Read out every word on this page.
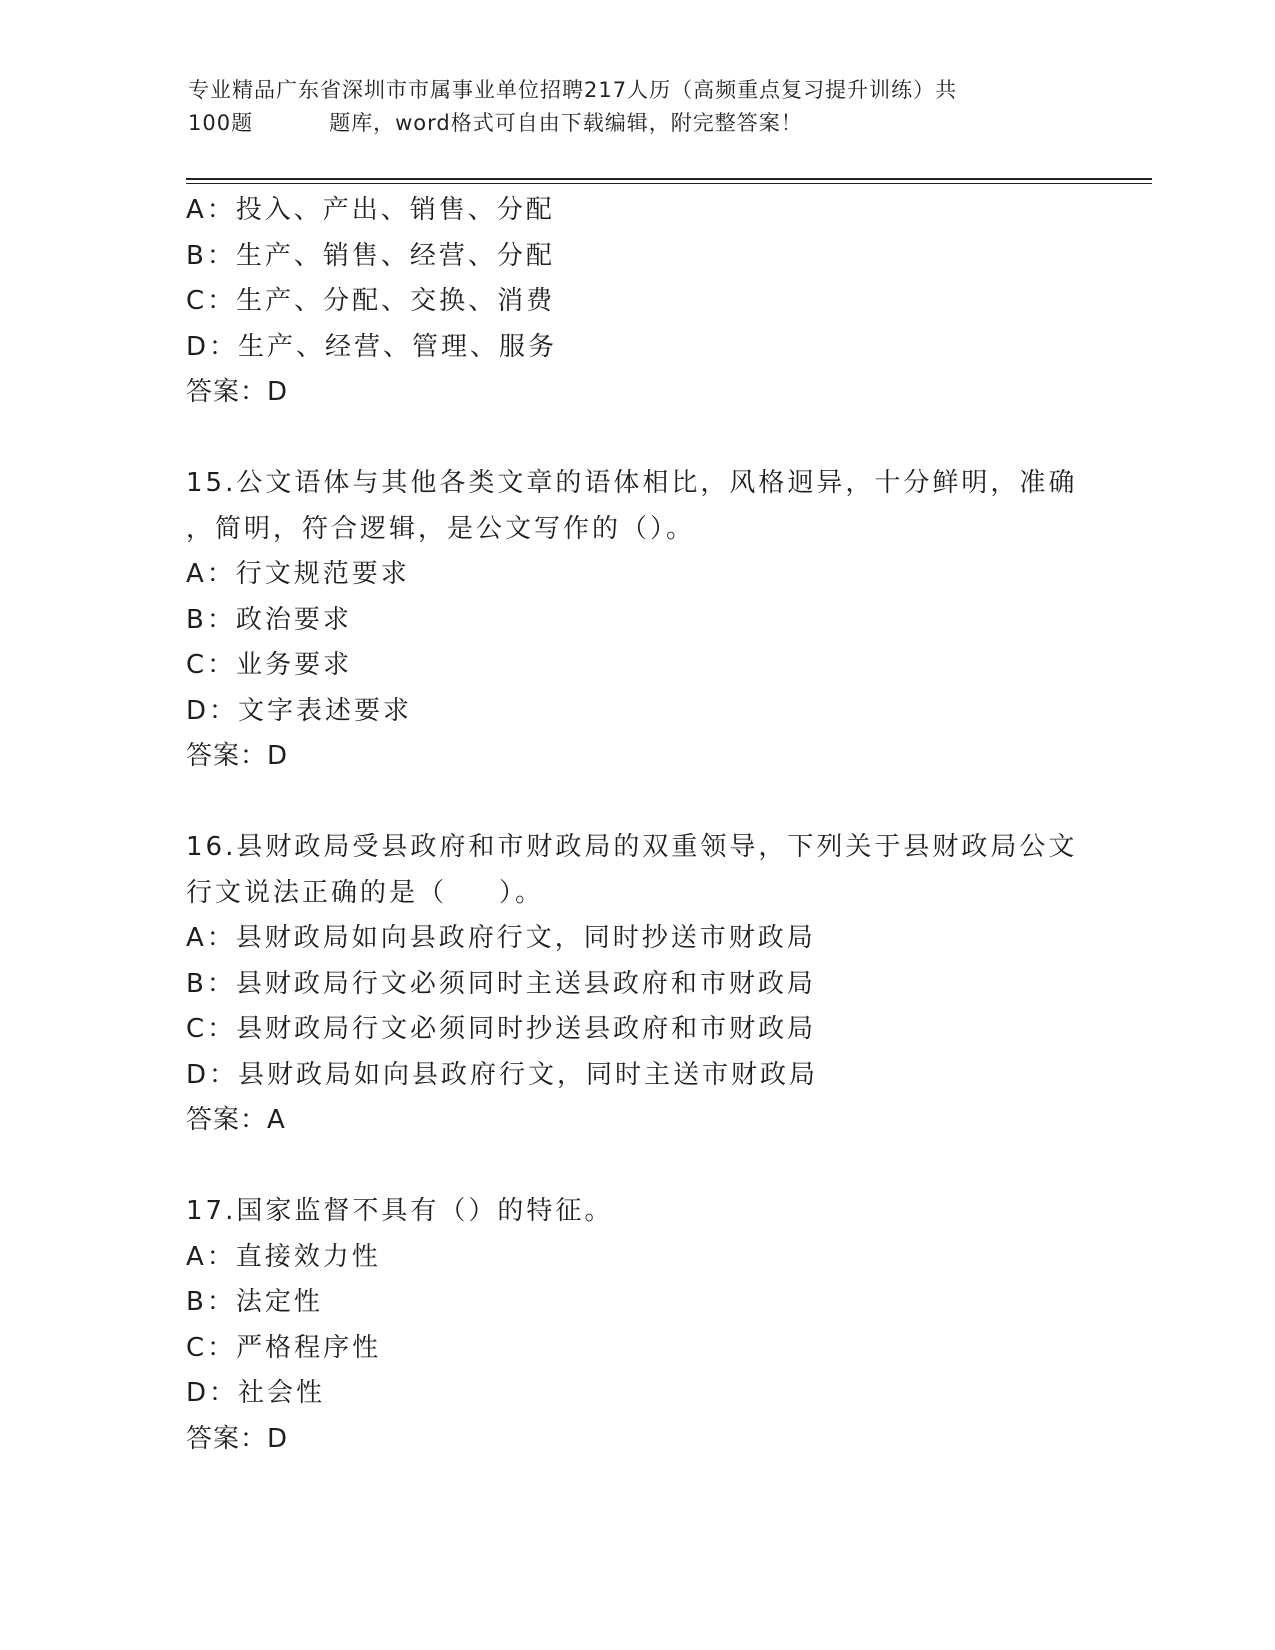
专业精品广东省深圳市市属事业单位招聘217人历（高频重点复习提升训练）共
100题	题库，word格式可自由下载编辑，附完整答案！
A：投入、产出、销售、分配
B：生产、销售、经营、分配
C：生产、分配、交换、消费
D：生产、经营、管理、服务
答案：D
15.公文语体与其他各类文章的语体相比，风格迥异，十分鲜明，准确
，简明，符合逻辑，是公文写作的（）。
A：行文规范要求
B：政治要求
C：业务要求
D：文字表述要求
答案：D
16.县财政局受县政府和市财政局的双重领导，下列关于县财政局公文
行文说法正确的是（ ）。
A：县财政局如向县政府行文，同时抄送市财政局
B：县财政局行文必须同时主送县政府和市财政局
C：县财政局行文必须同时抄送县政府和市财政局
D：县财政局如向县政府行文，同时主送市财政局
答案：A
17.国家监督不具有（）的特征。
A：直接效力性
B：法定性
C：严格程序性
D：社会性
答案：D
